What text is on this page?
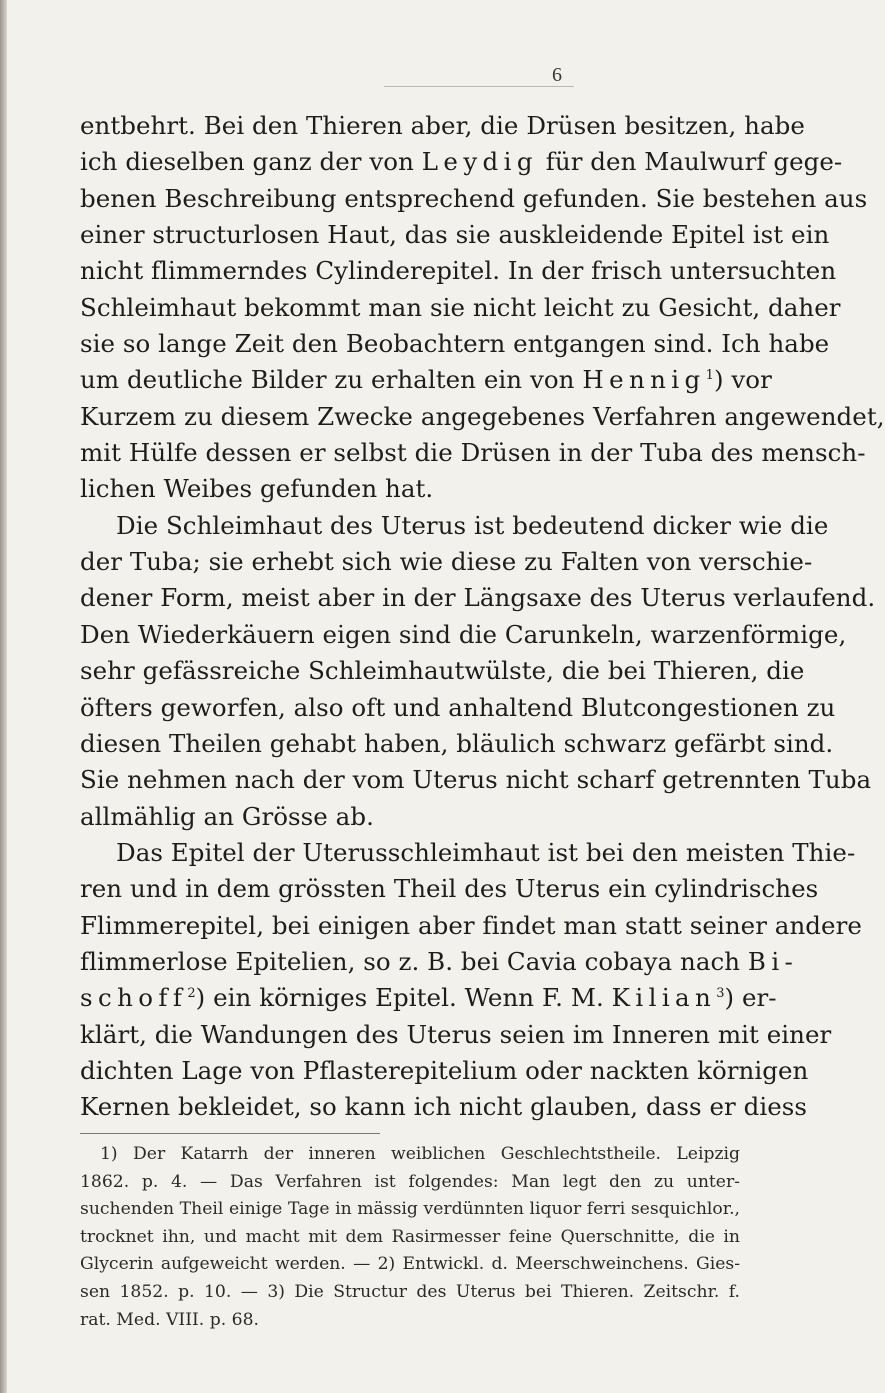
6
entbehrt. Bei den Thieren aber, die Drüsen besitzen, habe
ich dieselben ganz der von Leydig für den Maulwurf gege-
benen Beschreibung entsprechend gefunden. Sie bestehen aus
einer structurlosen Haut, das sie auskleidende Epitel ist ein
nicht flimmerndes Cylinderepitel. In der frisch untersuchten
Schleimhaut bekommt man sie nicht leicht zu Gesicht, daher
sie so lange Zeit den Beobachtern entgangen sind. Ich habe
um deutliche Bilder zu erhalten ein von Hennig$^1$) vor
Kurzem zu diesem Zwecke angegebenes Verfahren angewendet,
mit Hülfe dessen er selbst die Drüsen in der Tuba des mensch-
lichen Weibes gefunden hat.
Die Schleimhaut des Uterus ist bedeutend dicker wie die
der Tuba; sie erhebt sich wie diese zu Falten von verschie-
dener Form, meist aber in der Längsaxe des Uterus verlaufend.
Den Wiederkäuern eigen sind die Carunkeln, warzenförmige,
sehr gefässreiche Schleimhautwülste, die bei Thieren, die
öfters geworfen, also oft und anhaltend Blutcongestionen zu
diesen Theilen gehabt haben, bläulich schwarz gefärbt sind.
Sie nehmen nach der vom Uterus nicht scharf getrennten Tuba
allmählig an Grösse ab.
Das Epitel der Uterusschleimhaut ist bei den meisten Thie-
ren und in dem grössten Theil des Uterus ein cylindrisches
Flimmerepitel, bei einigen aber findet man statt seiner andere
flimmerlose Epitelien, so z. B. bei Cavia cobaya nach Bi-
schoff$^2$) ein körniges Epitel. Wenn F. M. Kilian$^3$) er-
klärt, die Wandungen des Uterus seien im Inneren mit einer
dichten Lage von Pflasterepitelium oder nackten körnigen
Kernen bekleidet, so kann ich nicht glauben, dass er diess
1) Der Katarrh der inneren weiblichen Geschlechtstheile. Leipzig
1862. p. 4. — Das Verfahren ist folgendes: Man legt den zu unter-
suchenden Theil einige Tage in mässig verdünnten liquor ferri sesquichlor.,
trocknet ihn, und macht mit dem Rasirmesser feine Querschnitte, die in
Glycerin aufgeweicht werden. — 2) Entwickl. d. Meerschweinchens. Gies-
sen 1852. p. 10. — 3) Die Structur des Uterus bei Thieren. Zeitschr. f.
rat. Med. VIII. p. 68.
